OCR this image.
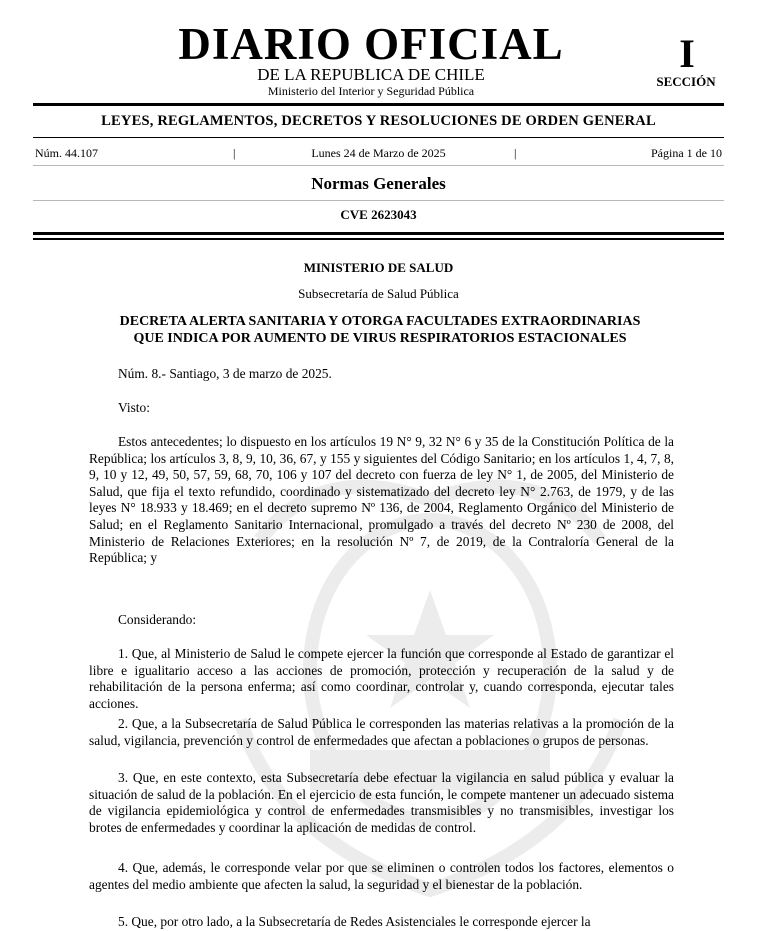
DIARIO OFICIAL
DE LA REPUBLICA DE CHILE
Ministerio del Interior y Seguridad Pública
I
SECCIÓN
LEYES, REGLAMENTOS, DECRETOS Y RESOLUCIONES DE ORDEN GENERAL
Núm. 44.107	|	Lunes 24 de Marzo de 2025	|	Página 1 de 10
Normas Generales
CVE 2623043
MINISTERIO DE SALUD
Subsecretaría de Salud Pública
DECRETA ALERTA SANITARIA Y OTORGA FACULTADES EXTRAORDINARIAS
QUE INDICA POR AUMENTO DE VIRUS RESPIRATORIOS ESTACIONALES
Núm. 8.- Santiago, 3 de marzo de 2025.
Visto:
Estos antecedentes; lo dispuesto en los artículos 19 N° 9, 32 N° 6 y 35 de la Constitución Política de la República; los artículos 3, 8, 9, 10, 36, 67, y 155 y siguientes del Código Sanitario; en los artículos 1, 4, 7, 8, 9, 10 y 12, 49, 50, 57, 59, 68, 70, 106 y 107 del decreto con fuerza de ley N° 1, de 2005, del Ministerio de Salud, que fija el texto refundido, coordinado y sistematizado del decreto ley N° 2.763, de 1979, y de las leyes N° 18.933 y 18.469; en el decreto supremo Nº 136, de 2004, Reglamento Orgánico del Ministerio de Salud; en el Reglamento Sanitario Internacional, promulgado a través del decreto Nº 230 de 2008, del Ministerio de Relaciones Exteriores; en la resolución Nº 7, de 2019, de la Contraloría General de la República; y
Considerando:
1. Que, al Ministerio de Salud le compete ejercer la función que corresponde al Estado de garantizar el libre e igualitario acceso a las acciones de promoción, protección y recuperación de la salud y de rehabilitación de la persona enferma; así como coordinar, controlar y, cuando corresponda, ejecutar tales acciones.
2. Que, a la Subsecretaría de Salud Pública le corresponden las materias relativas a la promoción de la salud, vigilancia, prevención y control de enfermedades que afectan a poblaciones o grupos de personas.
3. Que, en este contexto, esta Subsecretaría debe efectuar la vigilancia en salud pública y evaluar la situación de salud de la población. En el ejercicio de esta función, le compete mantener un adecuado sistema de vigilancia epidemiológica y control de enfermedades transmisibles y no transmisibles, investigar los brotes de enfermedades y coordinar la aplicación de medidas de control.
4. Que, además, le corresponde velar por que se eliminen o controlen todos los factores, elementos o agentes del medio ambiente que afecten la salud, la seguridad y el bienestar de la población.
5. Que, por otro lado, a la Subsecretaría de Redes Asistenciales le corresponde ejercer la
